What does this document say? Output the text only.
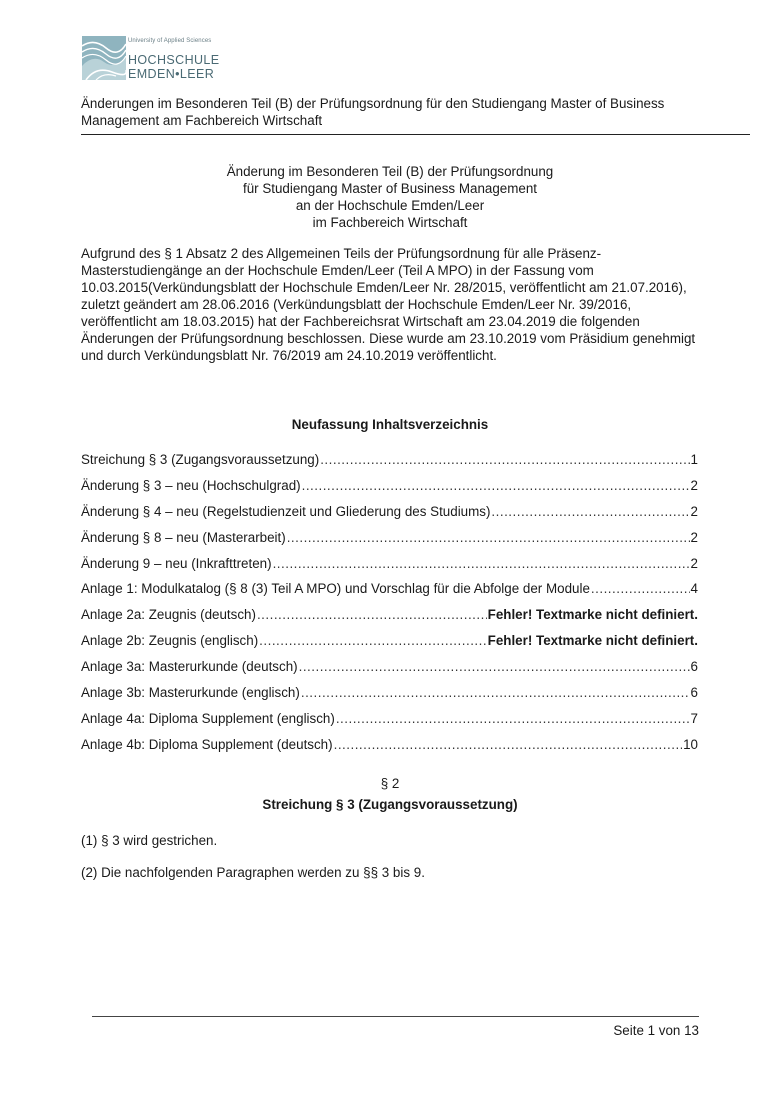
University of Applied Sciences
HOCHSCHULE
EMDEN•LEER
Änderungen im Besonderen Teil (B) der Prüfungsordnung für den Studiengang Master of Business Management am Fachbereich Wirtschaft
Änderung im Besonderen Teil (B) der Prüfungsordnung
für Studiengang Master of Business Management
an der Hochschule Emden/Leer
im Fachbereich Wirtschaft
Aufgrund des § 1 Absatz 2 des Allgemeinen Teils der Prüfungsordnung für alle Präsenz-Masterstudiengänge an der Hochschule Emden/Leer (Teil A MPO) in der Fassung vom 10.03.2015(Verkündungsblatt der Hochschule Emden/Leer Nr. 28/2015, veröffentlicht am 21.07.2016), zuletzt geändert am 28.06.2016 (Verkündungsblatt der Hochschule Emden/Leer Nr. 39/2016, veröffentlicht am 18.03.2015) hat der Fachbereichsrat Wirtschaft am 23.04.2019 die folgenden Änderungen der Prüfungsordnung beschlossen. Diese wurde am 23.10.2019 vom Präsidium genehmigt und durch Verkündungsblatt Nr. 76/2019 am 24.10.2019 veröffentlicht.
Neufassung Inhaltsverzeichnis
Streichung § 3 (Zugangsvoraussetzung) .....	1
Änderung § 3 – neu (Hochschulgrad) .....	2
Änderung § 4 – neu (Regelstudienzeit und Gliederung des Studiums) .....	2
Änderung § 8 – neu (Masterarbeit) .....	2
Änderung 9 – neu (Inkrafttreten) .....	2
Anlage 1: Modulkatalog (§ 8 (3) Teil A MPO) und Vorschlag für die Abfolge der Module .....	4
Anlage 2a: Zeugnis (deutsch) .....	Fehler! Textmarke nicht definiert.
Anlage 2b: Zeugnis (englisch) .....	Fehler! Textmarke nicht definiert.
Anlage 3a: Masterurkunde (deutsch) .....	6
Anlage 3b: Masterurkunde (englisch) .....	6
Anlage 4a: Diploma Supplement (englisch) .....	7
Anlage 4b: Diploma Supplement (deutsch) .....	10
§ 2
Streichung § 3 (Zugangsvoraussetzung)
(1) § 3 wird gestrichen.
(2) Die nachfolgenden Paragraphen werden zu §§ 3 bis 9.
Seite 1 von 13
